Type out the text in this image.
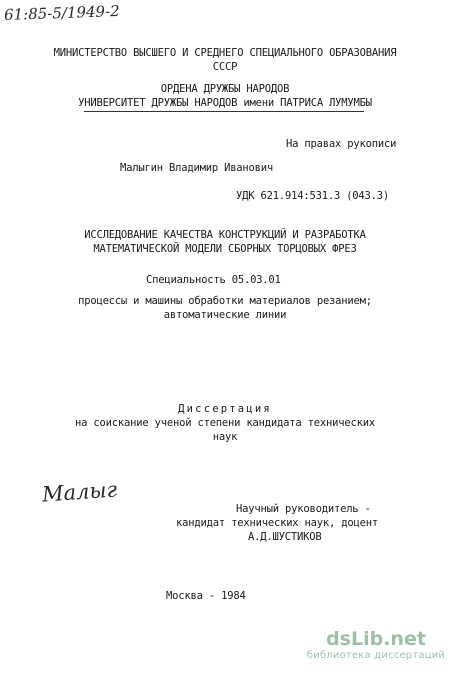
61:85-5/1949-2
МИНИСТЕРСТВО ВЫСШЕГО И СРЕДНЕГО СПЕЦИАЛЬНОГО ОБРАЗОВАНИЯ
СССР
ОРДЕНА ДРУЖБЫ НАРОДОВ
УНИВЕРСИТЕТ ДРУЖБЫ НАРОДОВ имени ПАТРИСА ЛУМУМБЫ
На правах рукописи
Малыгин Владимир Иванович
УДК 621.914:531.3 (043.3)
ИССЛЕДОВАНИЕ КАЧЕСТВА КОНСТРУКЦИЙ И РАЗРАБОТКА
МАТЕМАТИЧЕСКОЙ МОДЕЛИ СБОРНЫХ ТОРЦОВЫХ ФРЕЗ
Специальность 05.03.01
процессы и машины обработки материалов резанием;
автоматические линии
Диссертация
на соискание ученой степени кандидата технических
наук
Малыг
Научный руководитель -
кандидат технических наук, доцент
А.Д.ШУСТИКОВ
Москва - 1984
dsLib.net
библиотека диссертаций
